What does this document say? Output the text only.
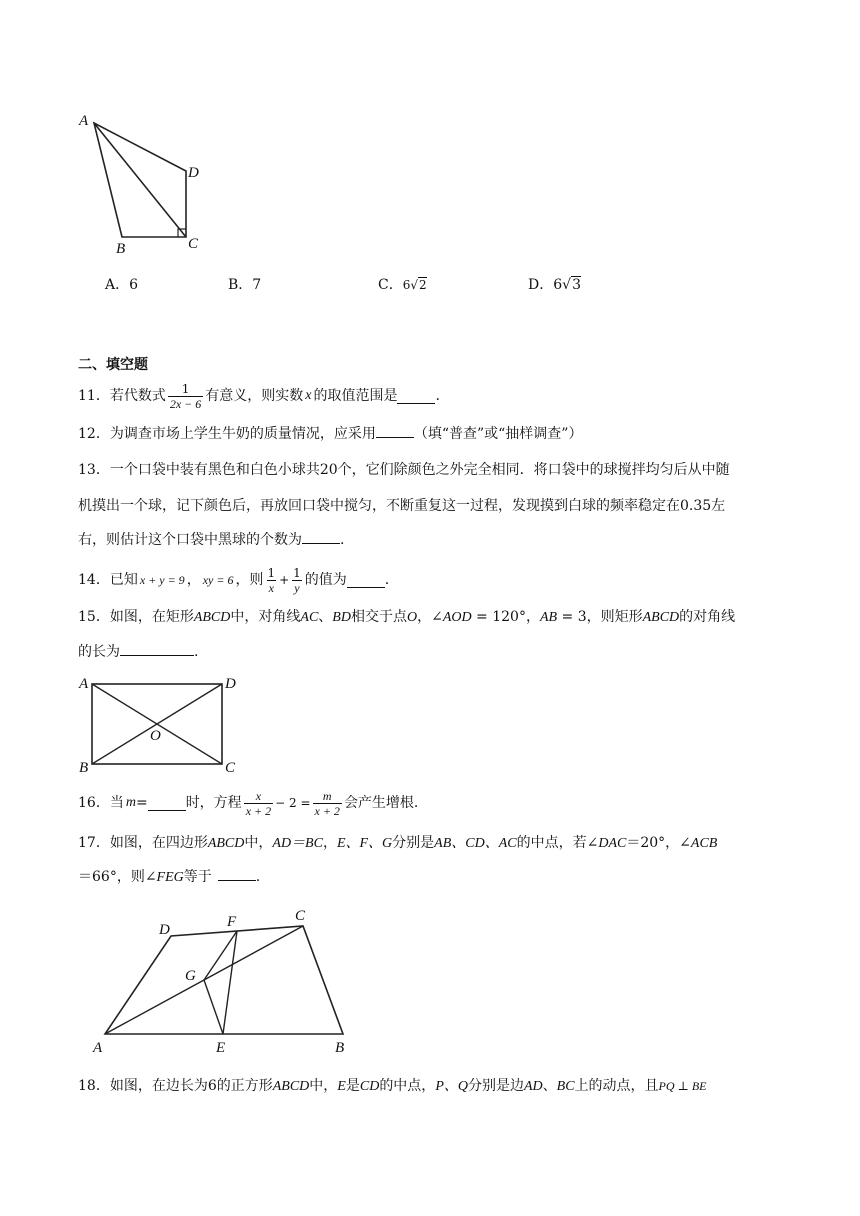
A
D
B	C
A．6	B．7	C．6√2	D．6√3
二、填空题
11． 若代数式 $\frac{1}{2x - 6}$ 有意义，则实数 x 的取值范围是	.
12．为调查市场上学生牛奶的质量情况，应采用	（填“普查”或“抽样调查”）
13．一个口袋中装有黑色和白色小球共20个，它们除颜色之外完全相同．将口袋中的球搅拌均匀后从中随
机摸出一个球，记下颜色后，再放回口袋中搅匀，不断重复这一过程，发现摸到白球的频率稳定在0.35左
右，则估计这个口袋中黑球的个数为	.
14． 已知 x + y = 9 ， xy = 6 ，则 $\frac{1}{x} + \frac{1}{y}$ 的值为	.
15．如图，在矩形ABCD中，对角线AC、BD相交于点O，∠AOD = 120°，AB = 3，则矩形ABCD的对角线
的长为	.
A	D
O
B	C
16．当 m =	时，方程 $\frac{x}{x + 2} - 2 = \frac{m}{x + 2}$ 会产生增根.
17．如图，在四边形ABCD中，AD＝BC，E、F、G分别是AB、CD、AC的中点，若∠DAC＝20°，∠ACB
＝66°，则∠FEG等于	.
D	F	C
G
A	E	B
18．如图，在边长为6的正方形ABCD中，E是CD的中点，P、Q分别是边AD、BC上的动点，且PQ ⊥ BE
